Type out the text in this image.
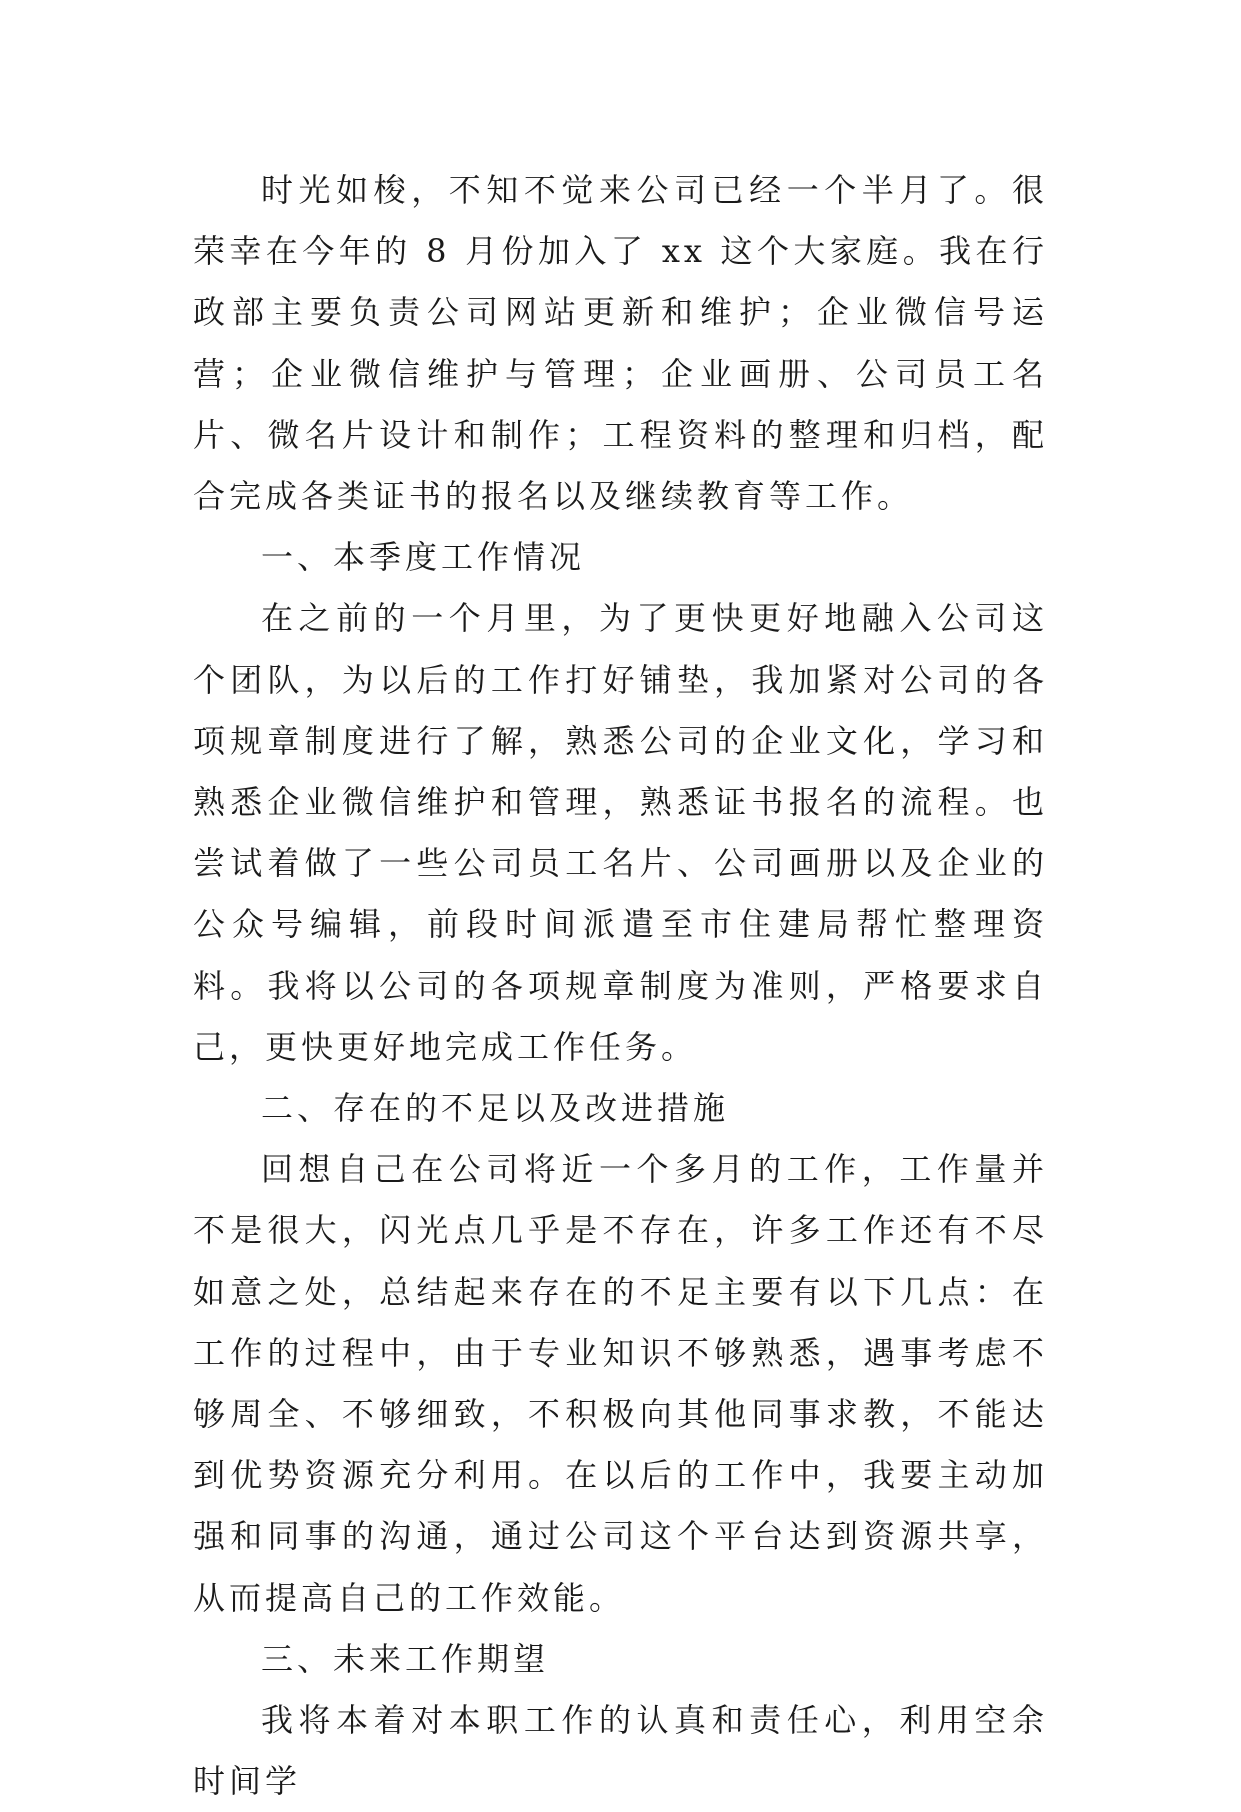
时光如梭，不知不觉来公司已经一个半月了。很荣幸在今年的 8 月份加入了 xx 这个大家庭。我在行政部主要负责公司网站更新和维护；企业微信号运营；企业微信维护与管理；企业画册、公司员工名片、微名片设计和制作；工程资料的整理和归档，配合完成各类证书的报名以及继续教育等工作。

一、本季度工作情况

在之前的一个月里，为了更快更好地融入公司这个团队，为以后的工作打好铺垫，我加紧对公司的各项规章制度进行了解，熟悉公司的企业文化，学习和熟悉企业微信维护和管理，熟悉证书报名的流程。也尝试着做了一些公司员工名片、公司画册以及企业的公众号编辑，前段时间派遣至市住建局帮忙整理资料。我将以公司的各项规章制度为准则，严格要求自己，更快更好地完成工作任务。

二、存在的不足以及改进措施

回想自己在公司将近一个多月的工作，工作量并不是很大，闪光点几乎是不存在，许多工作还有不尽如意之处，总结起来存在的不足主要有以下几点：在工作的过程中，由于专业知识不够熟悉，遇事考虑不够周全、不够细致，不积极向其他同事求教，不能达到优势资源充分利用。在以后的工作中，我要主动加强和同事的沟通，通过公司这个平台达到资源共享，从而提高自己的工作效能。

三、未来工作期望

我将本着对本职工作的认真和责任心，利用空余时间学
